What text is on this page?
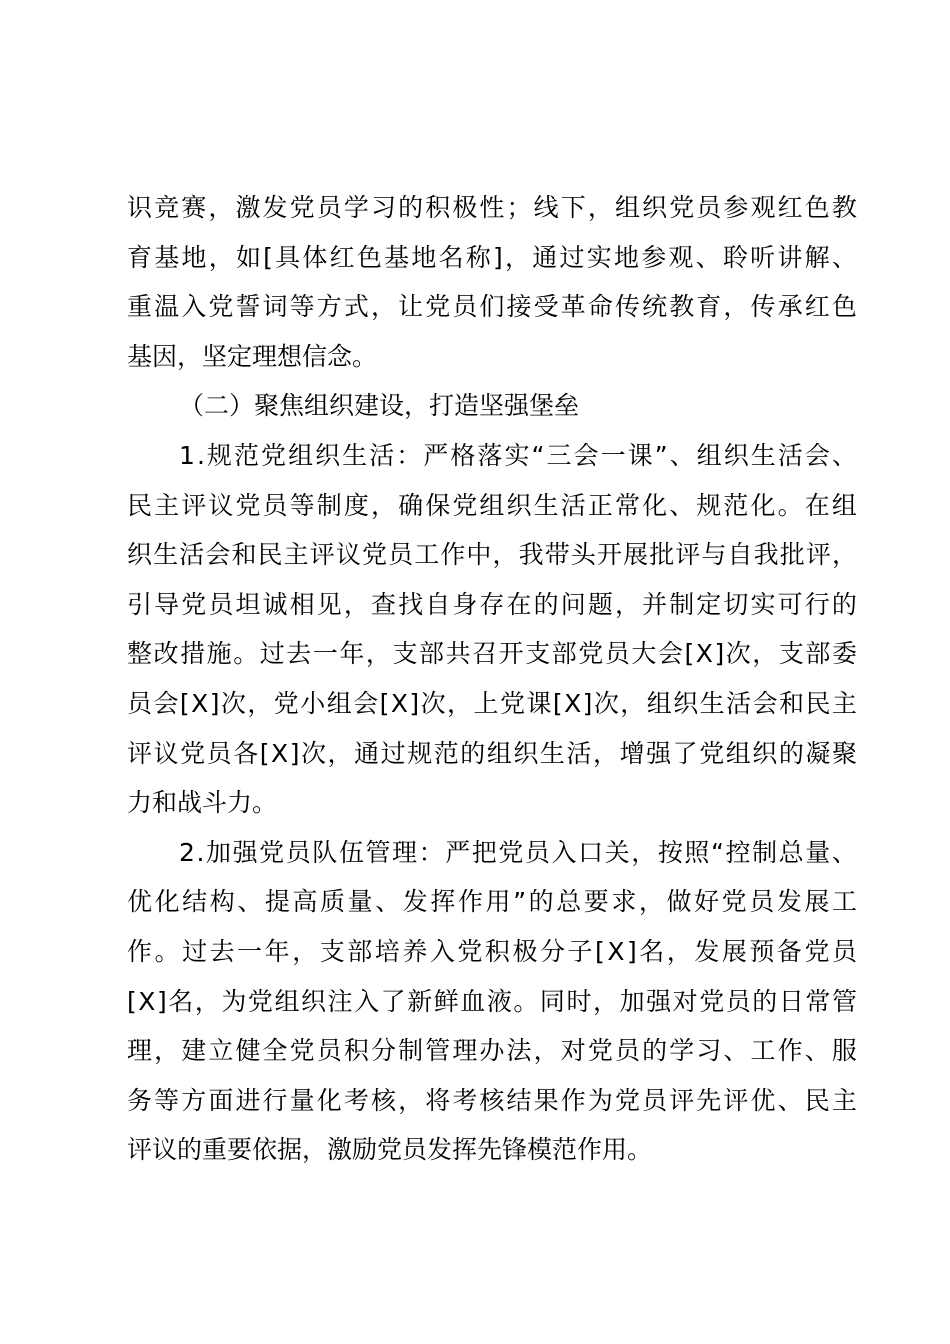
识 竞 赛 ， 激 发 党 员 学 习 的 积 极 性 ； 线 下 ， 组 织 党 员 参 观 红 色 教
育 基 地 ， 如 [ 具 体 红 色 基 地 名 称 ] ， 通 过 实 地 参 观 、 聆 听 讲 解 、
重 温 入 党 誓 词 等 方 式 ， 让 党 员 们 接 受 革 命 传 统 教 育 ， 传 承 红 色
基因，坚定理想信念。
（二）聚焦组织建设，打造坚强堡垒
1 . 规 范 党 组 织 生 活 ： 严 格 落 实 “ 三 会 一 课 ” 、 组 织 生 活 会 、
民 主 评 议 党 员 等 制 度 ， 确 保 党 组 织 生 活 正 常 化 、 规 范 化 。 在 组
织 生 活 会 和 民 主 评 议 党 员 工 作 中 ， 我 带 头 开 展 批 评 与 自 我 批 评 ，
引 导 党 员 坦 诚 相 见 ， 查 找 自 身 存 在 的 问 题 ， 并 制 定 切 实 可 行 的
整 改 措 施 。 过 去 一 年 ， 支 部 共 召 开 支 部 党 员 大 会 [ X ] 次 ， 支 部 委
员 会 [ X ] 次 ， 党 小 组 会 [ X ] 次 ， 上 党 课 [ X ] 次 ， 组 织 生 活 会 和 民 主
评 议 党 员 各 [ X ] 次 ， 通 过 规 范 的 组 织 生 活 ， 增 强 了 党 组 织 的 凝 聚
力和战斗力。
2 . 加 强 党 员 队 伍 管 理 ： 严 把 党 员 入 口 关 ， 按 照 “ 控 制 总 量 、
优 化 结 构 、 提 高 质 量 、 发 挥 作 用 ” 的 总 要 求 ， 做 好 党 员 发 展 工
作 。 过 去 一 年 ， 支 部 培 养 入 党 积 极 分 子 [ X ] 名 ， 发 展 预 备 党 员
[ X ] 名 ， 为 党 组 织 注 入 了 新 鲜 血 液 。 同 时 ， 加 强 对 党 员 的 日 常 管
理 ， 建 立 健 全 党 员 积 分 制 管 理 办 法 ， 对 党 员 的 学 习 、 工 作 、 服
务 等 方 面 进 行 量 化 考 核 ， 将 考 核 结 果 作 为 党 员 评 先 评 优 、 民 主
评议的重要依据，激励党员发挥先锋模范作用。
